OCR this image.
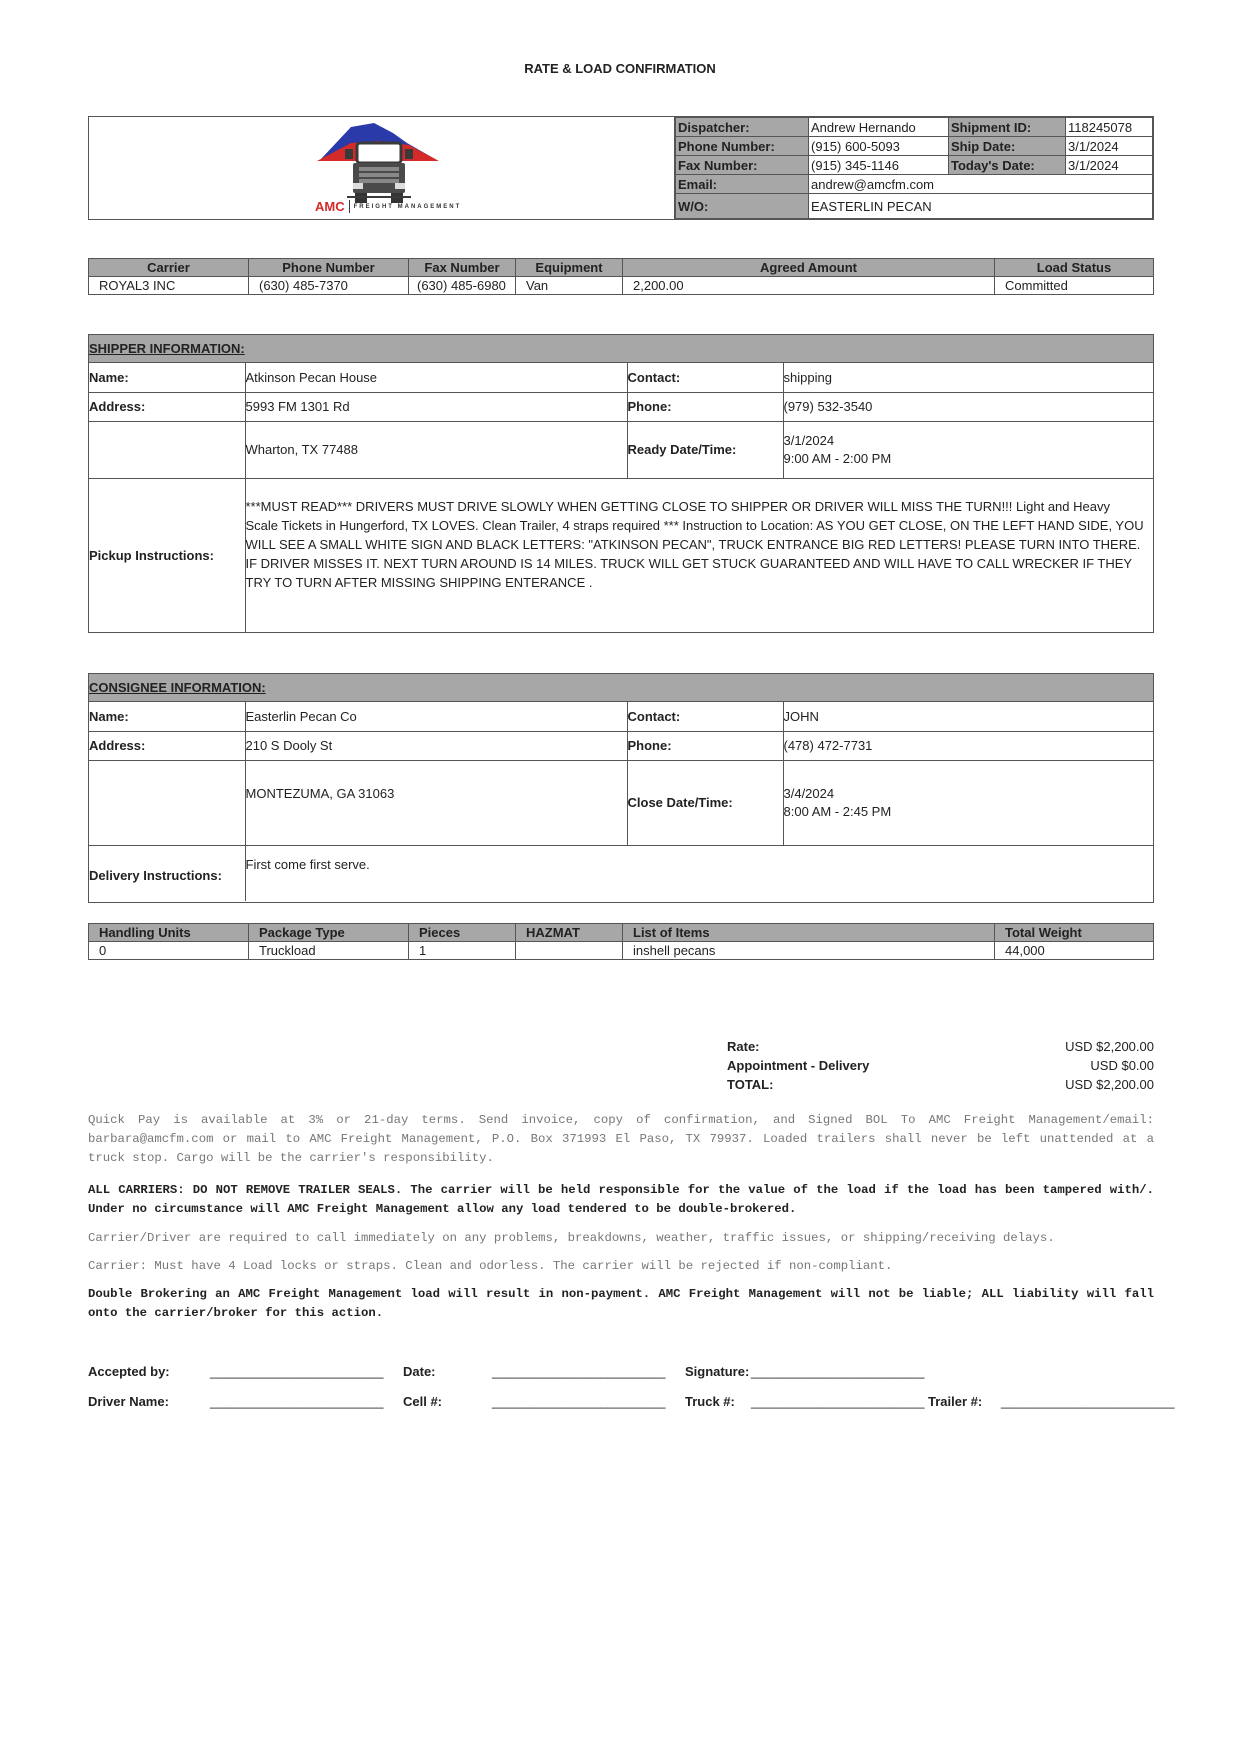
RATE & LOAD CONFIRMATION
AMC FREIGHT MANAGEMENT
Dispatcher:	Andrew Hernando	Shipment ID:	118245078
Phone Number:	(915) 600-5093	Ship Date:	3/1/2024
Fax Number:	(915) 345-1146	Today's Date:	3/1/2024
Email:	andrew@amcfm.com		
W/O:	EASTERLIN PECAN		
Carrier	Phone Number	Fax Number	Equipment	Agreed Amount	Load Status
ROYAL3 INC	(630) 485-7370	(630) 485-6980	Van	2,200.00	Committed
SHIPPER INFORMATION:
Name:	Atkinson Pecan House	Contact:	shipping
Address:	5993 FM 1301 Rd	Phone:	(979) 532-3540
	Wharton, TX 77488	Ready Date/Time:	3/1/2024
9:00 AM - 2:00 PM

Pickup Instructions:	***MUST READ*** DRIVERS MUST DRIVE SLOWLY WHEN GETTING CLOSE TO SHIPPER OR DRIVER WILL MISS THE TURN!!! Light and Heavy
Scale Tickets in Hungerford, TX LOVES. Clean Trailer, 4 straps required *** Instruction to Location: AS YOU GET CLOSE, ON THE LEFT HAND SIDE, YOU
WILL SEE A SMALL WHITE SIGN AND BLACK LETTERS: "ATKINSON PECAN", TRUCK ENTRANCE BIG RED LETTERS! PLEASE TURN INTO THERE.
IF DRIVER MISSES IT. NEXT TURN AROUND IS 14 MILES. TRUCK WILL GET STUCK GUARANTEED AND WILL HAVE TO CALL WRECKER IF THEY
TRY TO TURN AFTER MISSING SHIPPING ENTERANCE .		
CONSIGNEE INFORMATION:
Name:	Easterlin Pecan Co	Contact:	JOHN
Address:	210 S Dooly St	Phone:	(478) 472-7731
	MONTEZUMA, GA 31063	Close Date/Time:	3/4/2024
8:00 AM - 2:45 PM

Delivery Instructions:	First come first serve.		
Handling Units	Package Type	Pieces	HAZMAT	List of Items	Total Weight
0	Truckload	1		inshell pecans	44,000
Rate:	USD $2,200.00
Appointment - Delivery	USD $0.00
TOTAL:	USD $2,200.00
Quick Pay is available at 3% or 21-day terms. Send invoice, copy of confirmation, and Signed BOL To AMC Freight Management/email: barbara@amcfm.com or mail to AMC Freight Management, P.O. Box 371993 El Paso, TX 79937. Loaded trailers shall never be left unattended at a truck stop. Cargo will be the carrier's responsibility.
ALL CARRIERS: DO NOT REMOVE TRAILER SEALS. The carrier will be held responsible for the value of the load if the load has been tampered with/. Under no circumstance will AMC Freight Management allow any load tendered to be double-brokered.
Carrier/Driver are required to call immediately on any problems, breakdowns, weather, traffic issues, or shipping/receiving delays.
Carrier: Must have 4 Load locks or straps. Clean and odorless. The carrier will be rejected if non-compliant.
Double Brokering an AMC Freight Management load will result in non-payment. AMC Freight Management will not be liable; ALL liability will fall onto the carrier/broker for this action.
Accepted by:	________________________ Date:	________________________ Signature: ________________________
Driver Name:	________________________ Cell #:	________________________ Truck #: ________________________ Trailer #: ________________________
